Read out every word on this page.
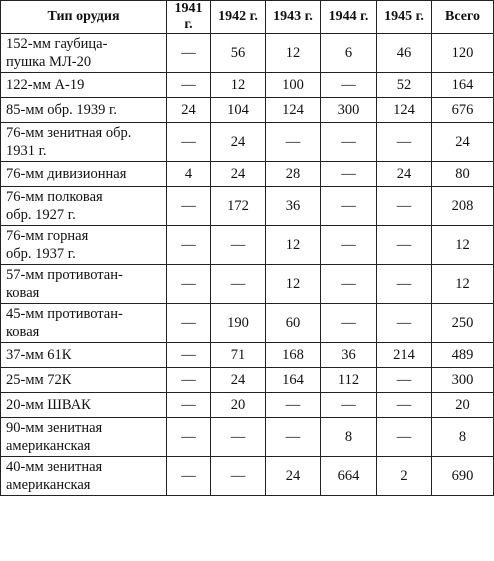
Тип орудия	1941 г.	1942 г.	1943 г.	1944 г.	1945 г.	Всего

152-мм гаубица-
пушка МЛ-20	—	56	12	6	46	120

122-мм А-19	—	12	100	—	52	164

85-мм обр. 1939 г.	24	104	124	300	124	676

76-мм зенитная обр.
1931 г.	—	24	—	—	—	24

76-мм дивизионная	4	24	28	—	24	80

76-мм полковая
обр. 1927 г.	—	172	36	—	—	208

76-мм горная
обр. 1937 г.	—	—	12	—	—	12

57-мм противотан-
ковая	—	—	12	—	—	12

45-мм противотан-
ковая	—	190	60	—	—	250

37-мм 61К	—	71	168	36	214	489

25-мм 72К	—	24	164	112	—	300

20-мм ШВАК	—	20	—	—	—	20

90-мм зенитная
американская	—	—	—	8	—	8

40-мм зенитная
американская	—	—	24	664	2	690
